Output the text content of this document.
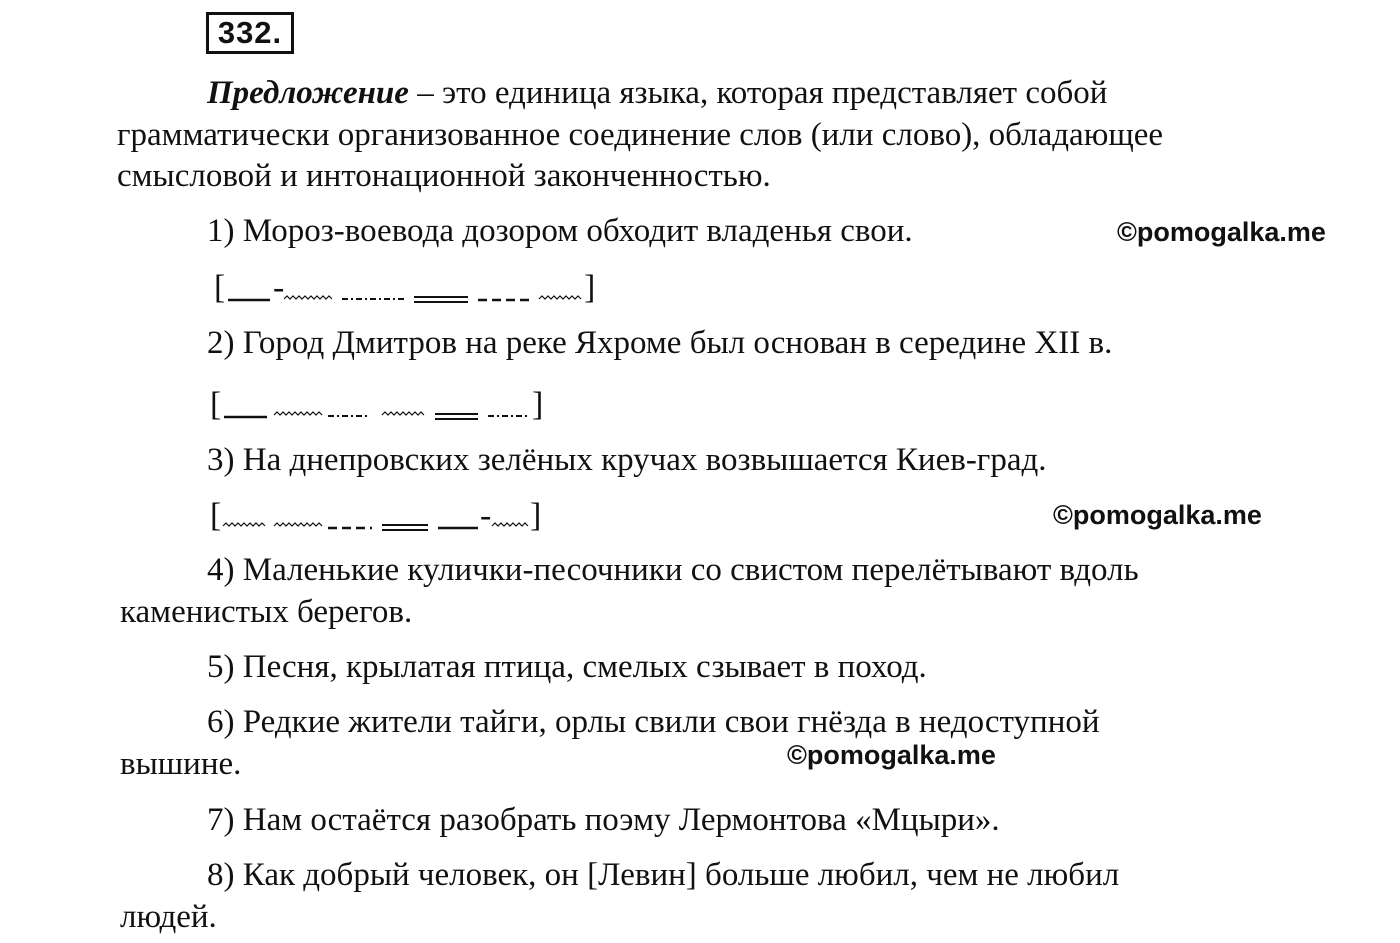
332.
Предложение – это единица языка, которая представляет собой
грамматически организованное соединение слов (или слово), обладающее
смысловой и интонационной законченностью.
1) Мороз-воевода дозором обходит владенья свои.	©pomogalka.me
[ -	]
2) Город Дмитров на реке Яхроме был основан в середине XII в.
[	]
3) На днепровских зелёных кручах возвышается Киев-град.
[	- ]	©pomogalka.me
4) Маленькие кулички-песочники со свистом перелётывают вдоль
каменистых берегов.
5) Песня, крылатая птица, смелых сзывает в поход.
6) Редкие жители тайги, орлы свили свои гнёзда в недоступной
вышине.	©pomogalka.me
7) Нам остаётся разобрать поэму Лермонтова «Мцыри».
8) Как добрый человек, он [Левин] больше любил, чем не любил
людей.
